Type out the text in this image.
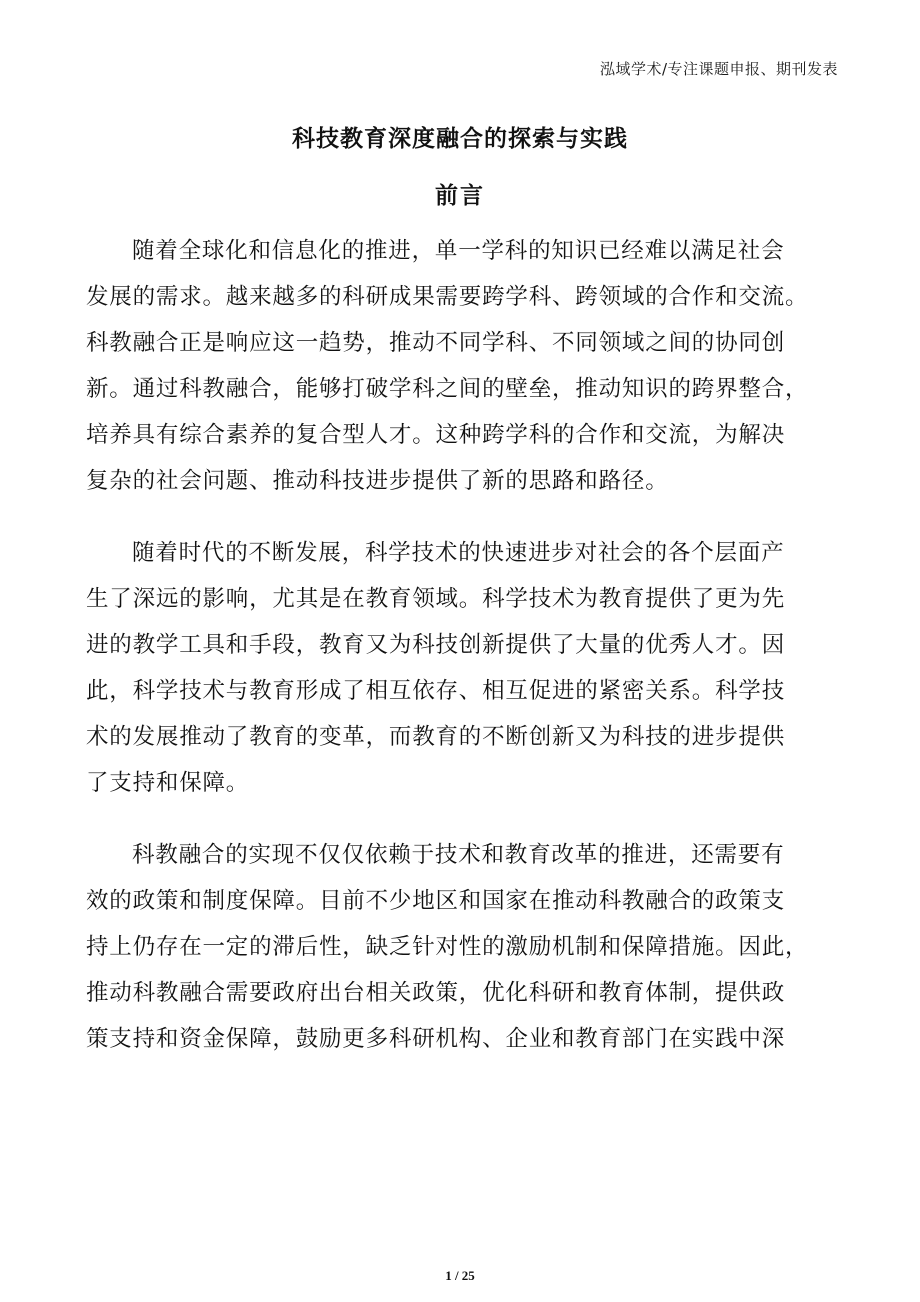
泓域学术/专注课题申报、期刊发表
科技教育深度融合的探索与实践
前言
随着全球化和信息化的推进，单一学科的知识已经难以满足社会
发展的需求。越来越多的科研成果需要跨学科、跨领域的合作和交流。
科教融合正是响应这一趋势，推动不同学科、不同领域之间的协同创
新。通过科教融合，能够打破学科之间的壁垒，推动知识的跨界整合，
培养具有综合素养的复合型人才。这种跨学科的合作和交流，为解决
复杂的社会问题、推动科技进步提供了新的思路和路径。
随着时代的不断发展，科学技术的快速进步对社会的各个层面产
生了深远的影响，尤其是在教育领域。科学技术为教育提供了更为先
进的教学工具和手段，教育又为科技创新提供了大量的优秀人才。因
此，科学技术与教育形成了相互依存、相互促进的紧密关系。科学技
术的发展推动了教育的变革，而教育的不断创新又为科技的进步提供
了支持和保障。
科教融合的实现不仅仅依赖于技术和教育改革的推进，还需要有
效的政策和制度保障。目前不少地区和国家在推动科教融合的政策支
持上仍存在一定的滞后性，缺乏针对性的激励机制和保障措施。因此，
推动科教融合需要政府出台相关政策，优化科研和教育体制，提供政
策支持和资金保障，鼓励更多科研机构、企业和教育部门在实践中深
1 / 25
